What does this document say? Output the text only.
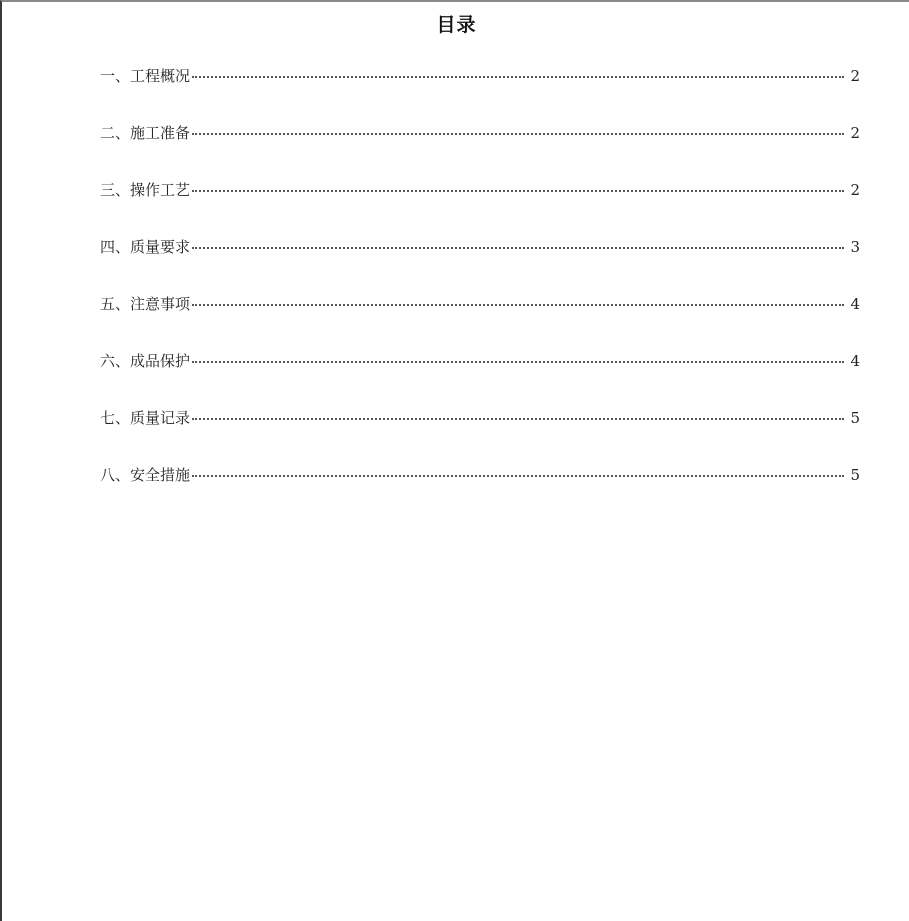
目录
一、工程概况	2
二、施工准备	2
三、操作工艺	2
四、质量要求	3
五、注意事项	4
六、成品保护	4
七、质量记录	5
八、安全措施	5
